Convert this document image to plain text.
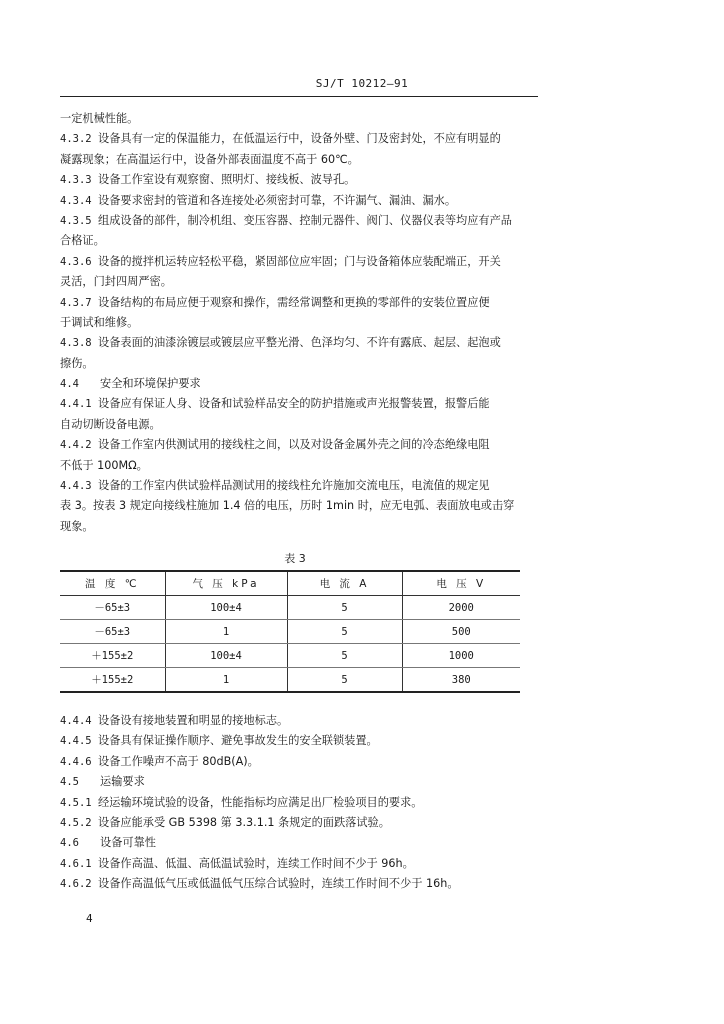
SJ/T 10212—91
一定机械性能。
4.3.2 设备具有一定的保温能力，在低温运行中，设备外壁、门及密封处，不应有明显的
凝露现象；在高温运行中，设备外部表面温度不高于 60℃。
4.3.3 设备工作室设有观察窗、照明灯、接线板、波导孔。
4.3.4 设备要求密封的管道和各连接处必须密封可靠，不许漏气、漏油、漏水。
4.3.5 组成设备的部件，制冷机组、变压容器、控制元器件、阀门、仪器仪表等均应有产品
合格证。
4.3.6 设备的搅拌机运转应轻松平稳，紧固部位应牢固；门与设备箱体应装配端正，开关
灵活，门封四周严密。
4.3.7 设备结构的布局应便于观察和操作，需经常调整和更换的零部件的安装位置应便
于调试和维修。
4.3.8 设备表面的油漆涂镀层或镀层应平整光滑、色泽均匀、不许有露底、起层、起泡或
擦伤。
4.4 安全和环境保护要求
4.4.1 设备应有保证人身、设备和试验样品安全的防护措施或声光报警装置，报警后能
自动切断设备电源。
4.4.2 设备工作室内供测试用的接线柱之间，以及对设备金属外壳之间的冷态绝缘电阻
不低于 100MΩ。
4.4.3 设备的工作室内供试验样品测试用的接线柱允许施加交流电压，电流值的规定见
表 3。按表 3 规定向接线柱施加 1.4 倍的电压，历时 1min 时，应无电弧、表面放电或击穿
现象。
表 3
温 度 ℃	气 压 kPa	电 流 A	电 压 V
－65±3	100±4	5	2000
－65±3	1	5	500
＋155±2	100±4	5	1000
＋155±2	1	5	380
4.4.4 设备设有接地装置和明显的接地标志。
4.4.5 设备具有保证操作顺序、避免事故发生的安全联锁装置。
4.4.6 设备工作噪声不高于 80dB(A)。
4.5 运输要求
4.5.1 经运输环境试验的设备，性能指标均应满足出厂检验项目的要求。
4.5.2 设备应能承受 GB 5398 第 3.3.1.1 条规定的面跌落试验。
4.6 设备可靠性
4.6.1 设备作高温、低温、高低温试验时，连续工作时间不少于 96h。
4.6.2 设备作高温低气压或低温低气压综合试验时，连续工作时间不少于 16h。
4
